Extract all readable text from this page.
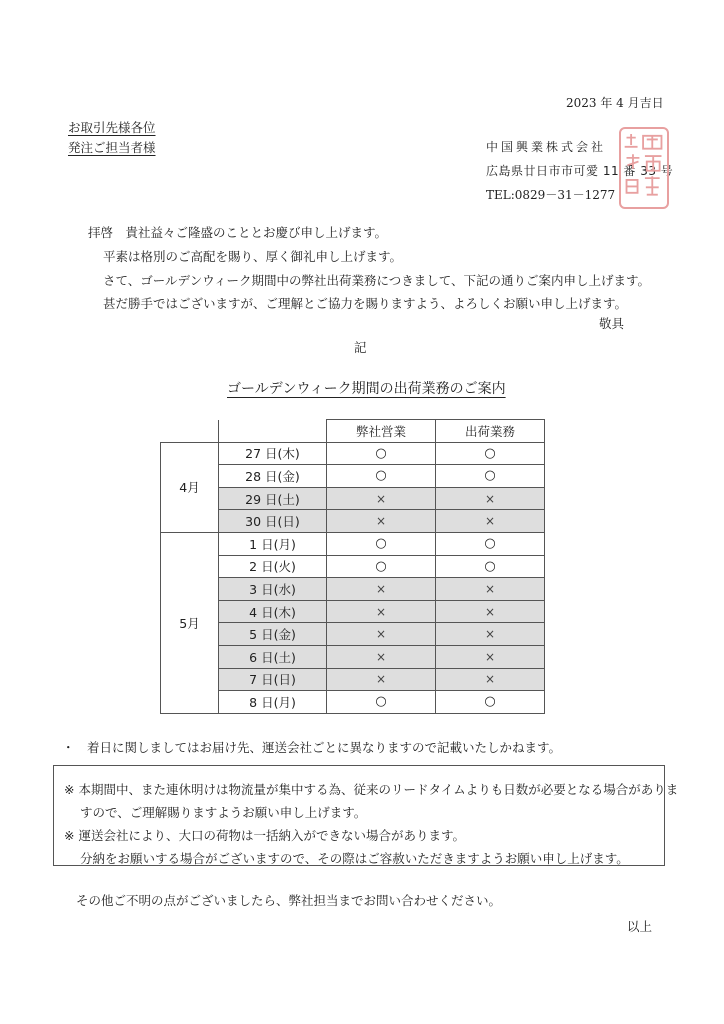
2023 年 4 月吉日
お取引先様各位
発注ご担当者様	中国興業株式会社
広島県廿日市市可愛 11 番 33 号
TEL:0829－31－1277
拝啓　貴社益々ご隆盛のこととお慶び申し上げます。
平素は格別のご高配を賜り、厚く御礼申し上げます。
さて、ゴールデンウィーク期間中の弊社出荷業務につきまして、下記の通りご案内申し上げます。
甚だ勝手ではございますが、ご理解とご協力を賜りますよう、よろしくお願い申し上げます。
敬具
記
ゴールデンウィーク期間の出荷業務のご案内
		弊社営業	出荷業務
4月	27 日(木)	○	○
	28 日(金)	○	○
	29 日(土)	×	×
	30 日(日)	×	×
5月	1 日(月)	○	○
	2 日(火)	○	○
	3 日(水)	×	×
	4 日(木)	×	×
	5 日(金)	×	×
	6 日(土)	×	×
	7 日(日)	×	×
	8 日(月)	○	○
・　着日に関しましてはお届け先、運送会社ごとに異なりますので記載いたしかねます。
※ 本期間中、また連休明けは物流量が集中する為、従来のリードタイムよりも日数が必要となる場合がありま
すので、ご理解賜りますようお願い申し上げます。
※ 運送会社により、大口の荷物は一括納入ができない場合があります。
分納をお願いする場合がございますので、その際はご容赦いただきますようお願い申し上げます。
その他ご不明の点がございましたら、弊社担当までお問い合わせください。
以上
